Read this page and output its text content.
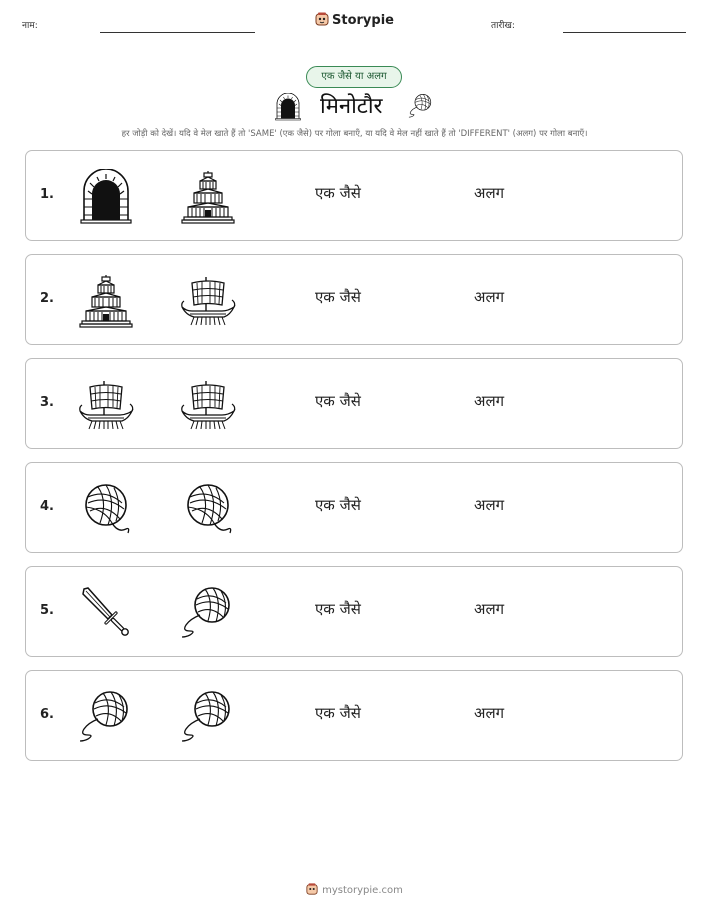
नाम:	Storypie	तारीख:
एक जैसे या अलग
मिनोटौर
हर जोड़ी को देखें। यदि वे मेल खाते हैं तो 'SAME' (एक जैसे) पर गोला बनाएँ, या यदि वे मेल नहीं खाते हैं तो 'DIFFERENT' (अलग) पर गोला बनाएँ।
1.	एक जैसे	अलग
2.	एक जैसे	अलग
3.	एक जैसे	अलग
4.	एक जैसे	अलग
5.	एक जैसे	अलग
6.	एक जैसे	अलग
mystorypie.com
